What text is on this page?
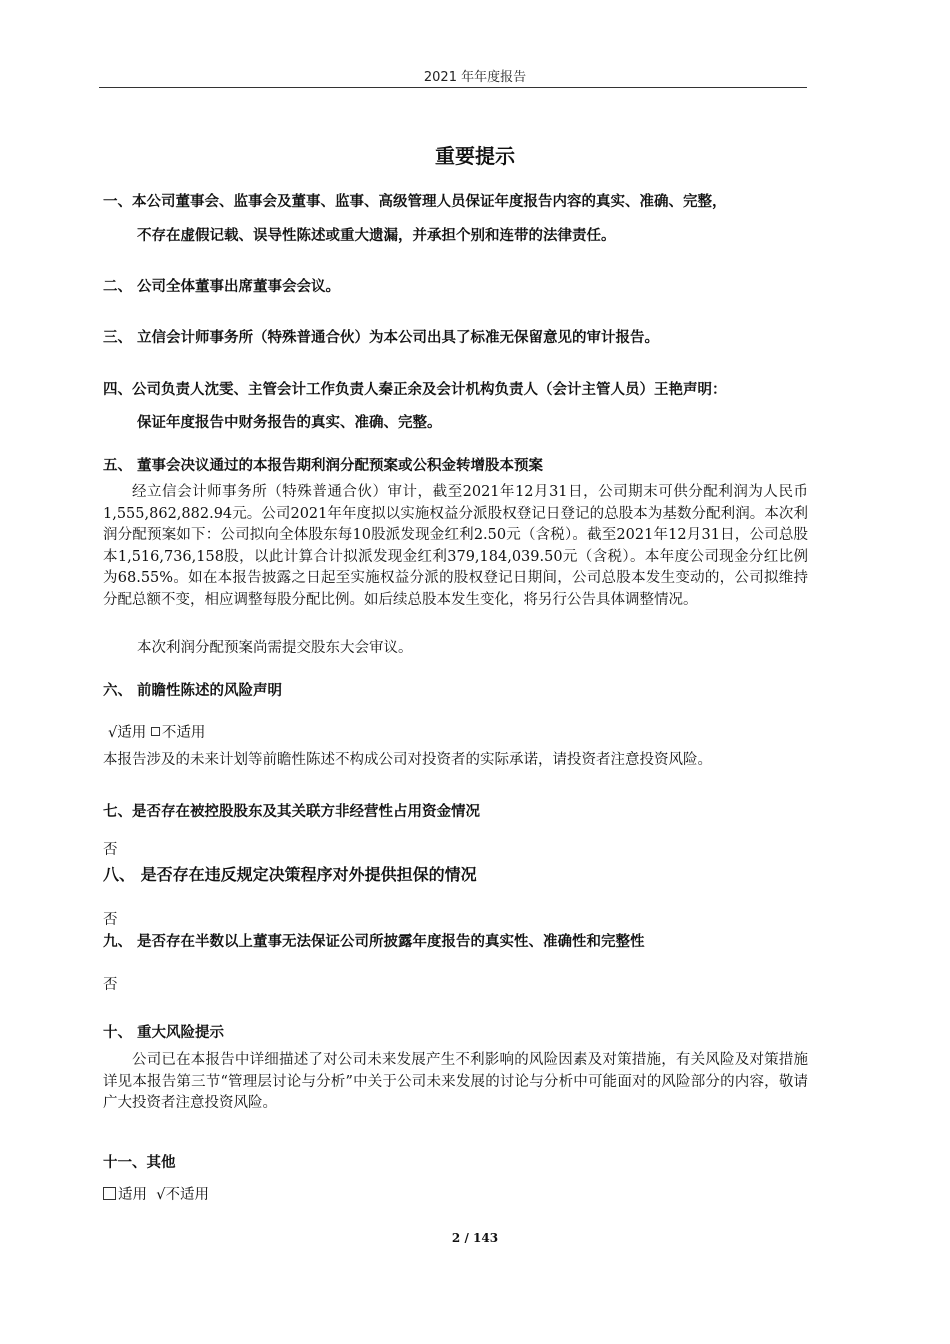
2021 年年度报告
重要提示
一、本公司董事会、监事会及董事、监事、高级管理人员保证年度报告内容的真实、准确、完整，
不存在虚假记载、误导性陈述或重大遗漏，并承担个别和连带的法律责任。
二、 公司全体董事出席董事会会议。
三、 立信会计师事务所（特殊普通合伙）为本公司出具了标准无保留意见的审计报告。
四、公司负责人沈雯、主管会计工作负责人秦正余及会计机构负责人（会计主管人员）王艳声明：
保证年度报告中财务报告的真实、准确、完整。
五、 董事会决议通过的本报告期利润分配预案或公积金转增股本预案
经立信会计师事务所（特殊普通合伙）审计，截至2021年12月31日，公司期末可供分配利润为人民币1,555,862,882.94元。公司2021年年度拟以实施权益分派股权登记日登记的总股本为基数分配利润。本次利润分配预案如下：公司拟向全体股东每10股派发现金红利2.50元（含税）。截至2021年12月31日，公司总股本1,516,736,158股，以此计算合计拟派发现金红利379,184,039.50元（含税）。本年度公司现金分红比例为68.55%。如在本报告披露之日起至实施权益分派的股权登记日期间，公司总股本发生变动的，公司拟维持分配总额不变，相应调整每股分配比例。如后续总股本发生变化，将另行公告具体调整情况。
本次利润分配预案尚需提交股东大会审议。
六、 前瞻性陈述的风险声明
√适用 不适用
本报告涉及的未来计划等前瞻性陈述不构成公司对投资者的实际承诺，请投资者注意投资风险。
七、是否存在被控股股东及其关联方非经营性占用资金情况
否
八、 是否存在违反规定决策程序对外提供担保的情况
否
九、 是否存在半数以上董事无法保证公司所披露年度报告的真实性、准确性和完整性
否
十、 重大风险提示
公司已在本报告中详细描述了对公司未来发展产生不利影响的风险因素及对策措施，有关风险及对策措施详见本报告第三节“管理层讨论与分析”中关于公司未来发展的讨论与分析中可能面对的风险部分的内容，敬请广大投资者注意投资风险。
十一、其他
适用 √不适用
2 / 143
